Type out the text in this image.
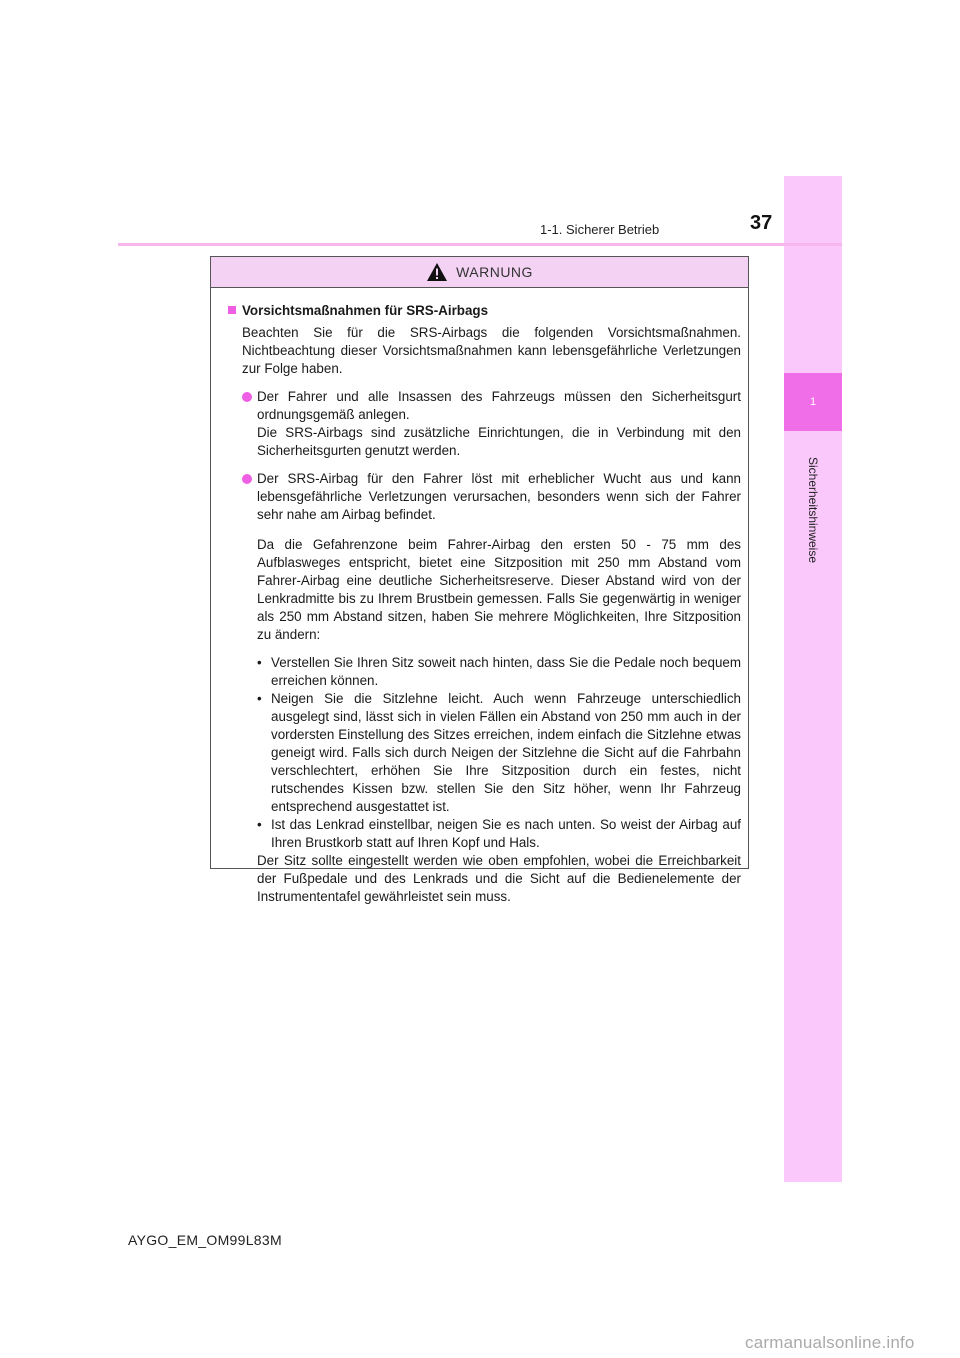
1
Sicherheitshinweise
1-1. Sicherer Betrieb	37
WARNUNG
Vorsichtsmaßnahmen für SRS-Airbags

Beachten Sie für die SRS-Airbags die folgenden Vorsichtsmaßnahmen. Nichtbeachtung dieser Vorsichtsmaßnahmen kann lebensgefährliche Verletzungen zur Folge haben.

Der Fahrer und alle Insassen des Fahrzeugs müssen den Sicherheitsgurt ordnungsgemäß anlegen.

Die SRS-Airbags sind zusätzliche Einrichtungen, die in Verbindung mit den Sicherheitsgurten genutzt werden.

Der SRS-Airbag für den Fahrer löst mit erheblicher Wucht aus und kann lebensgefährliche Verletzungen verursachen, besonders wenn sich der Fahrer sehr nahe am Airbag befindet.

Da die Gefahrenzone beim Fahrer-Airbag den ersten 50 - 75 mm des Aufblasweges entspricht, bietet eine Sitzposition mit 250 mm Abstand vom Fahrer-Airbag eine deutliche Sicherheitsreserve. Dieser Abstand wird von der Lenkradmitte bis zu Ihrem Brustbein gemessen. Falls Sie gegenwärtig in weniger als 250 mm Abstand sitzen, haben Sie mehrere Möglichkeiten, Ihre Sitzposition zu ändern:

• Verstellen Sie Ihren Sitz soweit nach hinten, dass Sie die Pedale noch bequem erreichen können.
• Neigen Sie die Sitzlehne leicht. Auch wenn Fahrzeuge unterschiedlich ausgelegt sind, lässt sich in vielen Fällen ein Abstand von 250 mm auch in der vordersten Einstellung des Sitzes erreichen, indem einfach die Sitzlehne etwas geneigt wird. Falls sich durch Neigen der Sitzlehne die Sicht auf die Fahrbahn verschlechtert, erhöhen Sie Ihre Sitzposition durch ein festes, nicht rutschendes Kissen bzw. stellen Sie den Sitz höher, wenn Ihr Fahrzeug entsprechend ausgestattet ist.
• Ist das Lenkrad einstellbar, neigen Sie es nach unten. So weist der Airbag auf Ihren Brustkorb statt auf Ihren Kopf und Hals.

Der Sitz sollte eingestellt werden wie oben empfohlen, wobei die Erreichbarkeit der Fußpedale und des Lenkrads und die Sicht auf die Bedienelemente der Instrumententafel gewährleistet sein muss.

AYGO_EM_OM99L83M
carmanualsonline.info
